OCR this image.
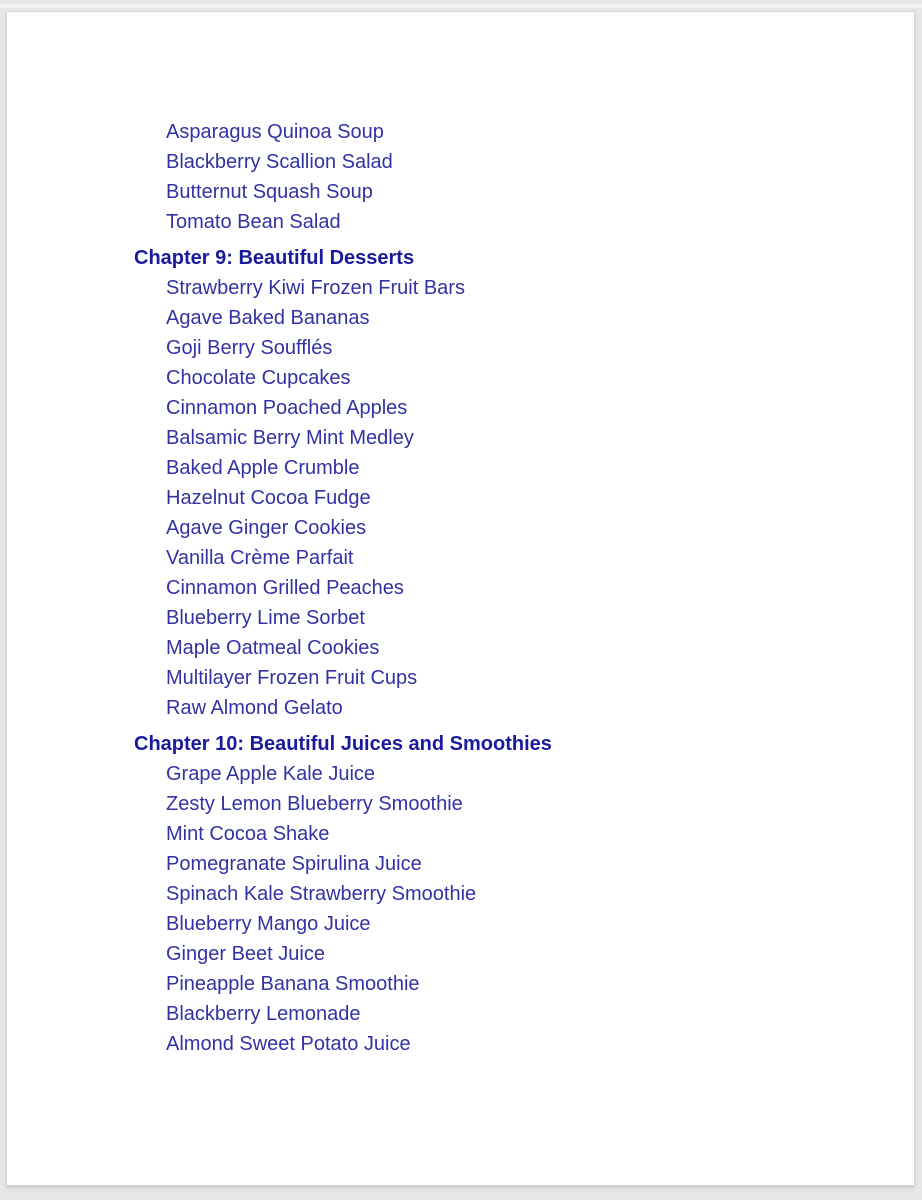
Asparagus Quinoa Soup
Blackberry Scallion Salad
Butternut Squash Soup
Tomato Bean Salad
Chapter 9: Beautiful Desserts
Strawberry Kiwi Frozen Fruit Bars
Agave Baked Bananas
Goji Berry Soufflés
Chocolate Cupcakes
Cinnamon Poached Apples
Balsamic Berry Mint Medley
Baked Apple Crumble
Hazelnut Cocoa Fudge
Agave Ginger Cookies
Vanilla Crème Parfait
Cinnamon Grilled Peaches
Blueberry Lime Sorbet
Maple Oatmeal Cookies
Multilayer Frozen Fruit Cups
Raw Almond Gelato
Chapter 10: Beautiful Juices and Smoothies
Grape Apple Kale Juice
Zesty Lemon Blueberry Smoothie
Mint Cocoa Shake
Pomegranate Spirulina Juice
Spinach Kale Strawberry Smoothie
Blueberry Mango Juice
Ginger Beet Juice
Pineapple Banana Smoothie
Blackberry Lemonade
Almond Sweet Potato Juice
